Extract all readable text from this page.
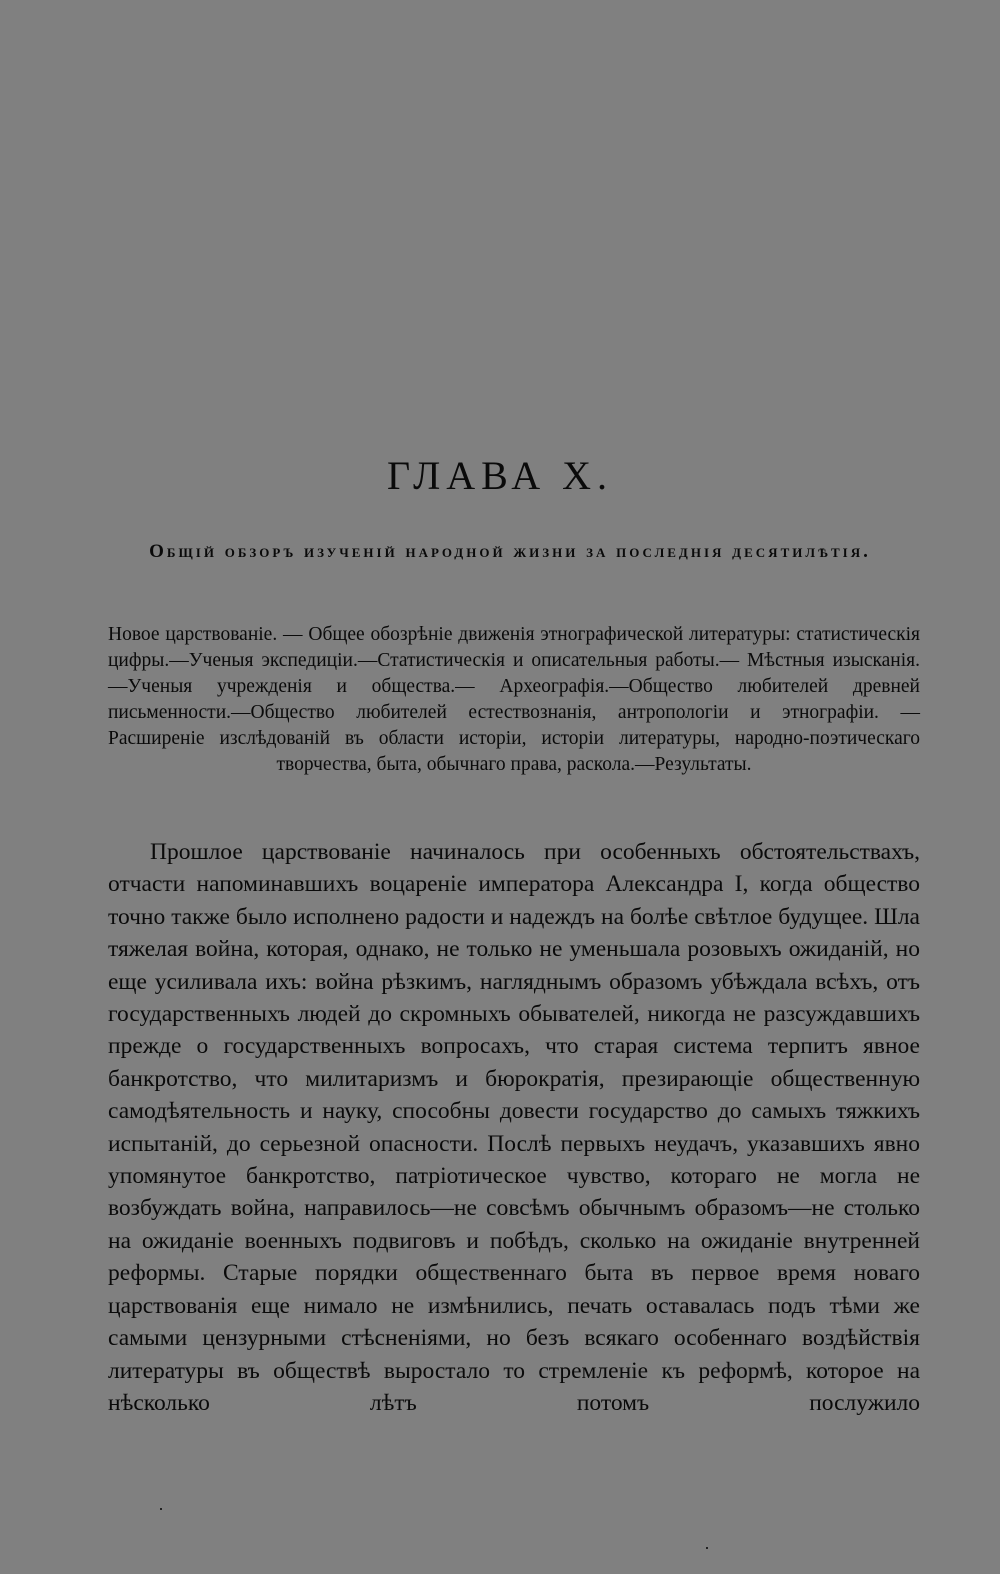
ГЛАВА X.
Общій обзоръ изученій народной жизни за последнія десятилѣтія.
Новое царствованіе. — Общее обозрѣніе движенія этнографической литературы: статистическія цифры.—Ученыя экспедиціи.—Статистическія и описательныя работы.— Мѣстныя изысканія.—Ученыя учрежденія и общества.— Археографія.—Общество любителей древней письменности.—Общество любителей естествознанія, антропологіи и этнографіи. — Расширеніе изслѣдованій въ области исторіи, исторіи литературы, народно-поэтическаго творчества, быта, обычнаго права, раскола.—Результаты.
Прошлое царствованіе начиналось при особенныхъ обстоятельствахъ, отчасти напоминавшихъ воцареніе императора Александра I, когда общество точно также было исполнено радости и надеждъ на болѣе свѣтлое будущее. Шла тяжелая война, которая, однако, не только не уменьшала розовыхъ ожиданій, но еще усиливала ихъ: война рѣзкимъ, нагляднымъ образомъ убѣждала всѣхъ, отъ государственныхъ людей до скромныхъ обывателей, никогда не разсуждавшихъ прежде о государственныхъ вопросахъ, что старая система терпитъ явное банкротство, что милитаризмъ и бюрократія, презирающіе общественную самодѣятельность и науку, способны довести государство до самыхъ тяжкихъ испытаній, до серьезной опасности. Послѣ первыхъ неудачъ, указавшихъ явно упомянутое банкротство, патріотическое чувство, котораго не могла не возбуждать война, направилось—не совсѣмъ обычнымъ образомъ—не столько на ожиданіе военныхъ подвиговъ и побѣдъ, сколько на ожиданіе внутренней реформы. Старые порядки общественнаго быта въ первое время новаго царствованія еще нимало не измѣнились, печать оставалась подъ тѣми же самыми цензурными стѣсненіями, но безъ всякаго особеннаго воздѣйствія литературы въ обществѣ выростало то стремленіе къ реформѣ, которое на нѣсколько лѣтъ потомъ послужило
